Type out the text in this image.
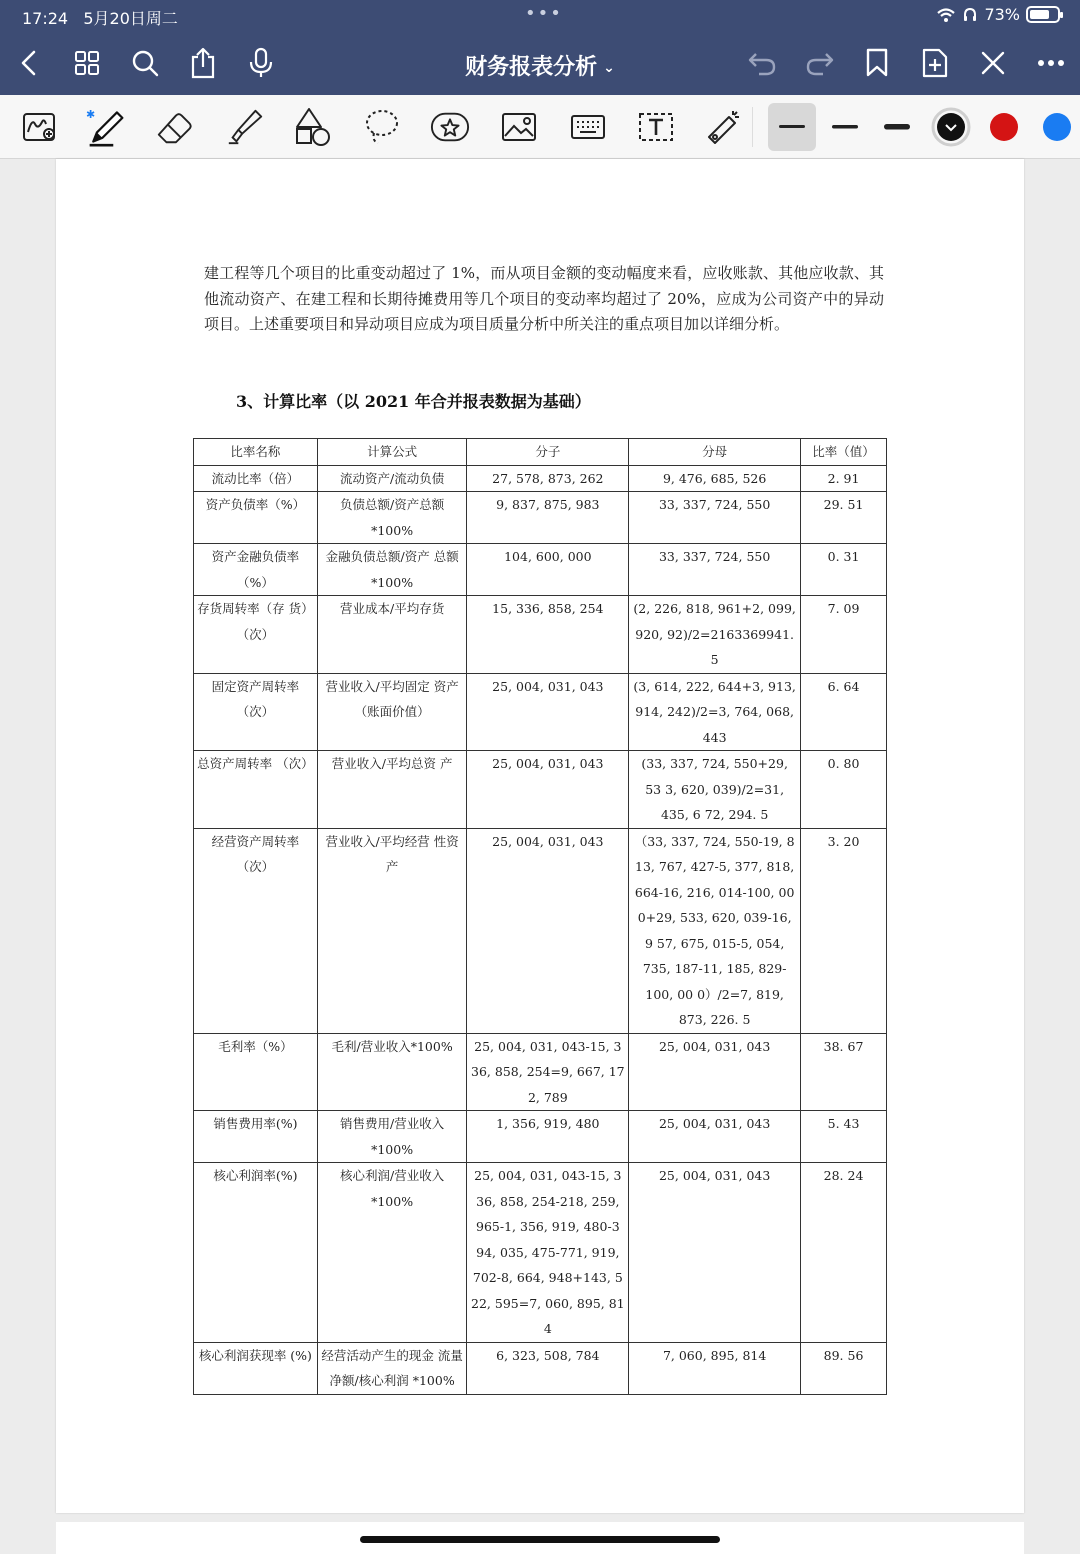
17:24 5月20日周二	•••	73%
财务报表分析 ⌄
✱

建工程等几个项目的比重变动超过了 1%，而从项目金额的变动幅度来看，应收账款、其他应收款、其他流动资产、在建工程和长期待摊费用等几个项目的变动率均超过了 20%，应成为公司资产中的异动项目。上述重要项目和异动项目应成为项目质量分析中所关注的重点项目加以详细分析。

3、计算比率（以 2021 年合并报表数据为基础）
比率名称	计算公式	分子	分母	比率（值）
流动比率（倍）	流动资产/流动负债	27, 578, 873, 262	9, 476, 685, 526	2. 91
资产负债率（%）	负债总额/资产总额 *100%	9, 837, 875, 983	33, 337, 724, 550	29. 51
资产金融负债率 （%）	金融负债总额/资产 总额*100%	104, 600, 000	33, 337, 724, 550	0. 31
存货周转率（存 货）（次）	营业成本/平均存货	15, 336, 858, 254	(2, 226, 818, 961+2, 099, 920, 92)/2=2163369941. 5	7. 09
固定资产周转率 （次）	营业收入/平均固定 资产（账面价值）	25, 004, 031, 043	(3, 614, 222, 644+3, 913, 914, 242)/2=3, 764, 068, 443	6. 64
总资产周转率 （次）	营业收入/平均总资 产	25, 004, 031, 043	(33, 337, 724, 550+29, 53 3, 620, 039)/2=31, 435, 6 72, 294. 5	0. 80
经营资产周转率 （次）	营业收入/平均经营 性资产	25, 004, 031, 043	（33, 337, 724, 550-19, 8 13, 767, 427-5, 377, 818, 664-16, 216, 014-100, 00 0+29, 533, 620, 039-16, 9 57, 675, 015-5, 054, 735, 187-11, 185, 829-100, 00 0）/2=7, 819, 873, 226. 5	3. 20
毛利率（%）	毛利/营业收入*100%	25, 004, 031, 043-15, 3 36, 858, 254=9, 667, 17 2, 789	25, 004, 031, 043	38. 67
销售费用率(%)	销售费用/营业收入 *100%	1, 356, 919, 480	25, 004, 031, 043	5. 43
核心利润率(%)	核心利润/营业收入 *100%	25, 004, 031, 043-15, 3 36, 858, 254-218, 259, 965-1, 356, 919, 480-3 94, 035, 475-771, 919, 702-8, 664, 948+143, 5 22, 595=7, 060, 895, 81 4	25, 004, 031, 043	28. 24
核心利润获现率 (%)	经营活动产生的现金 流量净额/核心利润 *100%	6, 323, 508, 784	7, 060, 895, 814	89. 56
